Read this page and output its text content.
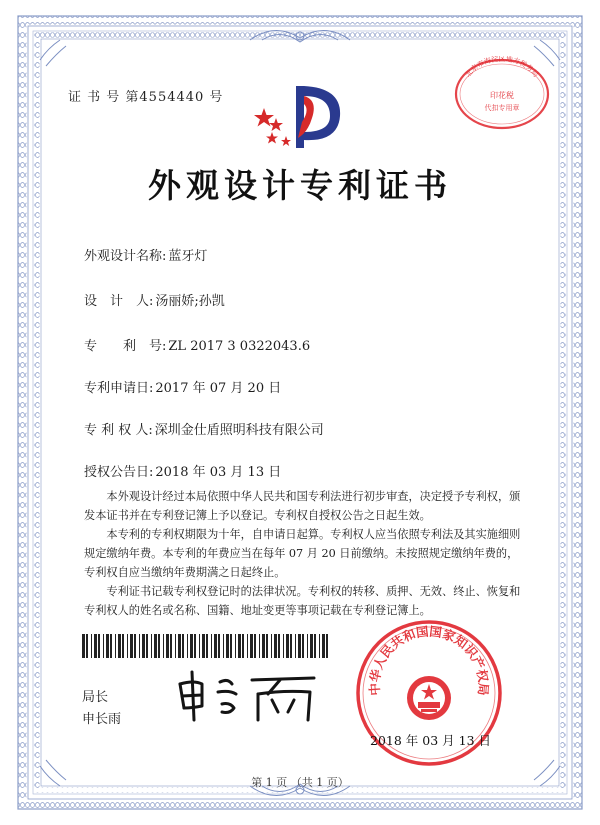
证 书 号 第4554440 号
外观设计专利证书
外观设计名称: 蓝牙灯
设　计　人: 汤丽娇;孙凯
专　　利　号: ZL 2017 3 0322043.6
专利申请日: 2017 年 07 月 20 日
专 利 权 人: 深圳金仕盾照明科技有限公司
授权公告日: 2018 年 03 月 13 日

本外观设计经过本局依照中华人民共和国专利法进行初步审查，决定授予专利权，颁发本证书并在专利登记簿上予以登记。专利权自授权公告之日起生效。

本专利的专利权期限为十年，自申请日起算。专利权人应当依照专利法及其实施细则规定缴纳年费。本专利的年费应当在每年 07 月 20 日前缴纳。未按照规定缴纳年费的，专利权自应当缴纳年费期满之日起终止。

专利证书记载专利权登记时的法律状况。专利权的转移、质押、无效、终止、恢复和专利权人的姓名或名称、国籍、地址变更等事项记载在专利登记簿上。

局长
申长雨
中华人民共和国国家知识产权局
2018 年 03 月 13 日
北京市海淀区地方税务局
印花税
代扣专用章
第 1 页 （共 1 页）
